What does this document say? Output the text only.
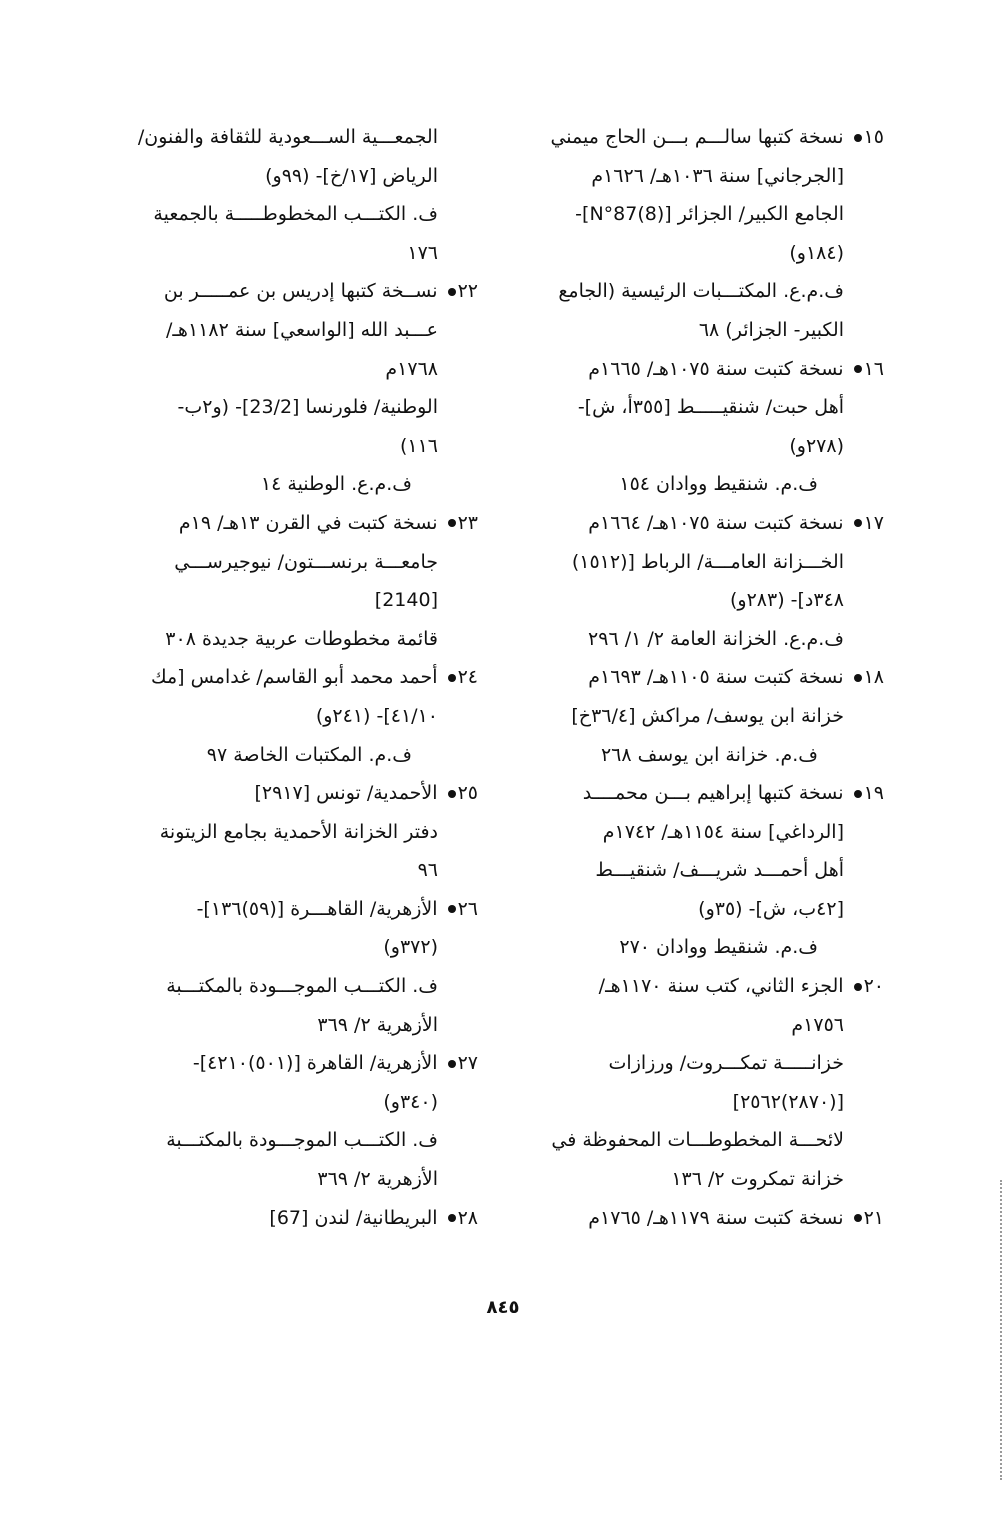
١٥ نسخة كتبها سالـــم بـــن الحاج ميمني
[الجرجاني] سنة ١٠٣٦هـ/ ١٦٢٦م
الجامع الكبير/ الجزائر [N°87(8)]-
(١٨٤و)
ف.م.ع. المكتـــبات الرئيسية (الجامع
الكبير- الجزائر) ٦٨
١٦ نسخة كتبت سنة ١٠٧٥هـ/ ١٦٦٥م
أهل حبت/ شنقيـــــط [٣٥٥أ، ش]-
(٢٧٨و)
ف.م. شنقيط ووادان ١٥٤
١٧ نسخة كتبت سنة ١٠٧٥هـ/ ١٦٦٤م
الخـــزانة العامـــة/ الرباط [(١٥١٢)
٣٤٨د]- (٢٨٣و)
ف.م.ع. الخزانة العامة ٢/ ١/ ٢٩٦
١٨ نسخة كتبت سنة ١١٠٥هـ/ ١٦٩٣م
خزانة ابن يوسف/ مراكش [٣٦/٤خ]
ف.م. خزانة ابن يوسف ٢٦٨
١٩ نسخة كتبها إبراهيم بـــن محمــــد
[الرداغي] سنة ١١٥٤هـ/ ١٧٤٢م
أهل أحمـــد شريـــف/ شنقيـــط
[٤٢ب، ش]- (٣٥و)
ف.م. شنقيط ووادان ٢٧٠
٢٠ الجزء الثاني، كتب سنة ١١٧٠هـ/
١٧٥٦م
خزانـــــة تمكـــروت/ ورزازات
[(٢٨٧٠)٢٥٦٢]
لائحـــة المخطوطـــات المحفوظة في
خزانة تمكروت ٢/ ١٣٦
٢١ نسخة كتبت سنة ١١٧٩هـ/ ١٧٦٥م
الجمعـــية الســـعودية للثقافة والفنون/
الرياض [١٧/خ]- (٩٩و)
ف. الكتـــب المخطوطـــــة بالجمعية
١٧٦
٢٢ نســخة كتبها إدريس بن عمـــــر بن
عـــبد الله [الواسعي] سنة ١١٨٢هـ/
١٧٦٨م
الوطنية/ فلورنسا [23/2]- (و٢ب-
١١٦)
ف.م.ع. الوطنية ١٤
٢٣ نسخة كتبت في القرن ١٣هـ/ ١٩م
جامعـــة برنســـتون/ نيوجيرســـي
[2140]
قائمة مخطوطات عربية جديدة ٣٠٨
٢٤ أحمد محمد أبو القاسم/ غدامس [مك
٤١/١٠]- (٢٤١و)
ف.م. المكتبات الخاصة ٩٧
٢٥ الأحمدية/ تونس [٢٩١٧]
دفتر الخزانة الأحمدية بجامع الزيتونة
٩٦
٢٦ الأزهرية/ القاهـــرة [(٥٩)١٣٦]-
(٣٧٢و)
ف. الكتـــب الموجـــودة بالمكتـــبة
الأزهرية ٢/ ٣٦٩
٢٧ الأزهرية/ القاهرة [(٥٠١)٤٢١٠]-
(٣٤٠و)
ف. الكتـــب الموجـــودة بالمكتـــبة
الأزهرية ٢/ ٣٦٩
٢٨ البريطانية/ لندن [67]
٨٤٥
